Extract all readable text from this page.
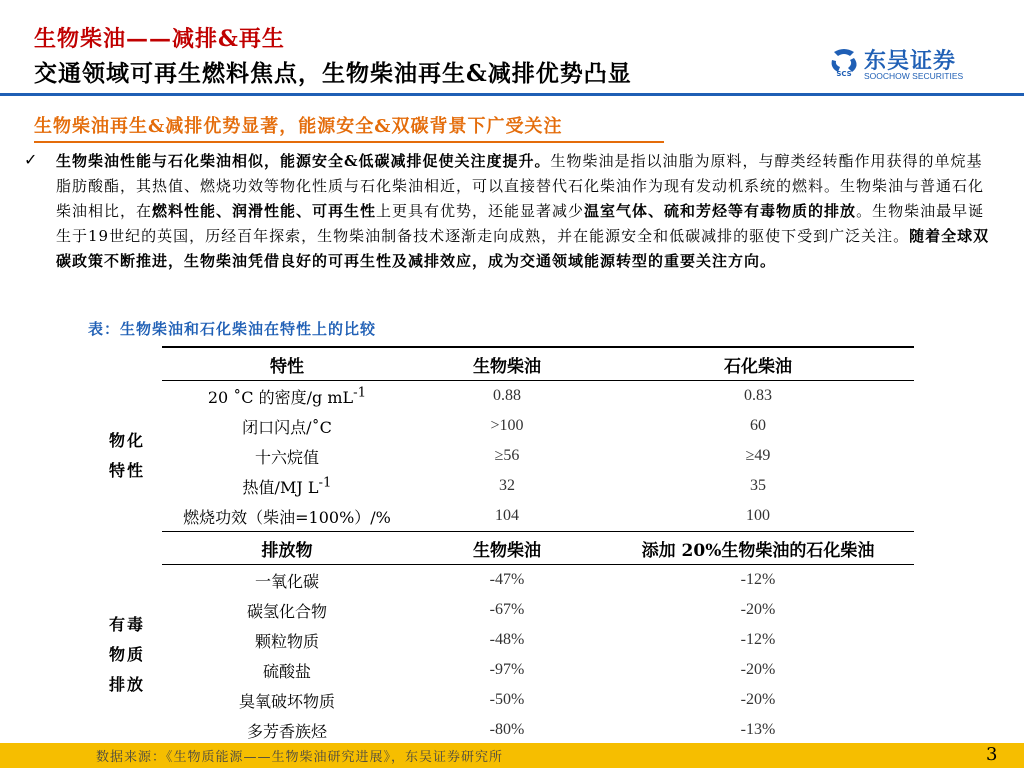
生物柴油——减排&再生
交通领域可再生燃料焦点，生物柴油再生&减排优势凸显	SCS 东吴证券
SOOCHOW SECURITIES
生物柴油再生&减排优势显著，能源安全&双碳背景下广受关注
✓ 生物柴油性能与石化柴油相似，能源安全&低碳减排促使关注度提升。生物柴油是指以油脂为原料，与醇类经转酯作用获得的单烷基脂肪酸酯，其热值、燃烧功效等物化性质与石化柴油相近，可以直接替代石化柴油作为现有发动机系统的燃料。生物柴油与普通石化柴油相比，在燃料性能、润滑性能、可再生性上更具有优势，还能显著减少温室气体、硫和芳烃等有毒物质的排放。生物柴油最早诞生于19世纪的英国，历经百年探索，生物柴油制备技术逐渐走向成熟，并在能源安全和低碳减排的驱使下受到广泛关注。随着全球双碳政策不断推进，生物柴油凭借良好的可再生性及减排效应，成为交通领域能源转型的重要关注方向。
表：生物柴油和石化柴油在特性上的比较
	特性	生物柴油	石化柴油
物化
特性	20 ˚C 的密度/g $mL^{-1}$	0.88	0.83
	闭口闪点/˚C	>100	60
	十六烷值	≥56	≥49
	热值/MJ $L^{-1}$	32	35
	燃烧功效（柴油=100%）/%	104	100
	排放物	生物柴油	添加 20%生物柴油的石化柴油
有毒
物质
排放	一氧化碳	-47%	-12%
	碳氢化合物	-67%	-20%
	颗粒物质	-48%	-12%
	硫酸盐	-97%	-20%
	臭氧破坏物质	-50%	-20%
	多芳香族烃	-80%	-13%
数据来源：《生物质能源——生物柴油研究进展》，东吴证券研究所	3
